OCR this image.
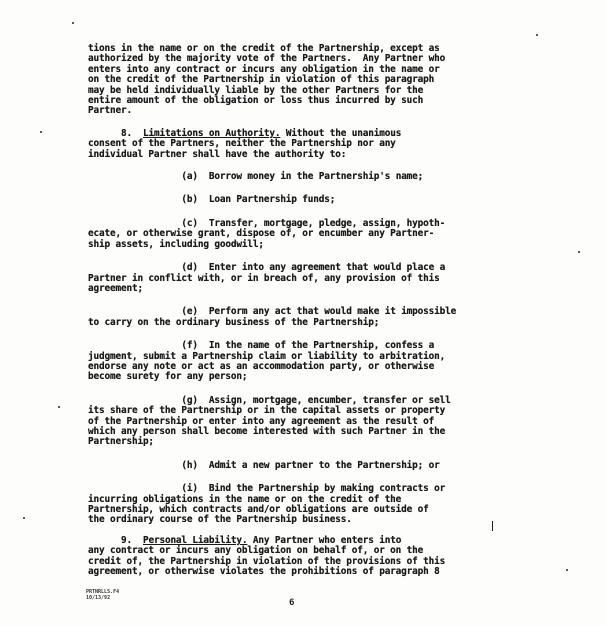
tions in the name or on the credit of the Partnership, except as

authorized by the majority vote of the Partners.  Any Partner who

enters into any contract or incurs any obligation in the name or

on the credit of the Partnership in violation of this paragraph

may be held individually liable by the other Partners for the

entire amount of the obligation or loss thus incurred by such

Partner.

8. Limitations on Authority. Without the unanimous

consent of the Partners, neither the Partnership nor any

individual Partner shall have the authority to:

(a) Borrow money in the Partnership's name;

(b) Loan Partnership funds;

(c) Transfer, mortgage, pledge, assign, hypoth-

ecate, or otherwise grant, dispose of, or encumber any Partner-

ship assets, including goodwill;

(d) Enter into any agreement that would place a

Partner in conflict with, or in breach of, any provision of this

agreement;

(e) Perform any act that would make it impossible

to carry on the ordinary business of the Partnership;

(f) In the name of the Partnership, confess a

judgment, submit a Partnership claim or liability to arbitration,

endorse any note or act as an accommodation party, or otherwise

become surety for any person;

(g) Assign, mortgage, encumber, transfer or sell

its share of the Partnership or in the capital assets or property

of the Partnership or enter into any agreement as the result of

which any person shall become interested with such Partner in the

Partnership;

(h) Admit a new partner to the Partnership; or

(i) Bind the Partnership by making contracts or

incurring obligations in the name or on the credit of the

Partnership, which contracts and/or obligations are outside of

the ordinary course of the Partnership business.

9. Personal Liability. Any Partner who enters into

any contract or incurs any obligation on behalf of, or on the

credit of, the Partnership in violation of the provisions of this

agreement, or otherwise violates the prohibitions of paragraph 8

PRTNRLLS.F4
10/13/92	6
